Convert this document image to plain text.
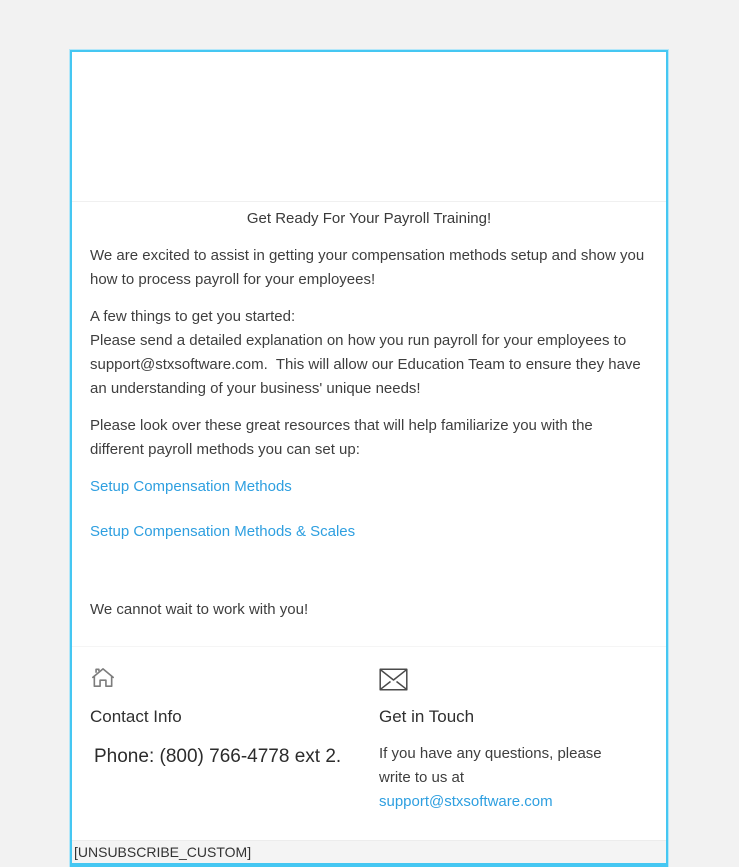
Get Ready For Your Payroll Training!

We are excited to assist in getting your compensation methods setup and show you how to process payroll for your employees!

A few things to get you started:
Please send a detailed explanation on how you run payroll for your employees to support@stxsoftware.com.  This will allow our Education Team to ensure they have an understanding of your business' unique needs!

Please look over these great resources that will help familiarize you with the different payroll methods you can set up:

Setup Compensation Methods

Setup Compensation Methods & Scales

We cannot wait to work with you!

Contact Info

Phone: (800) 766-4778 ext 2.

Get in Touch

If you have any questions, please write to us at support@stxsoftware.com

[UNSUBSCRIBE_CUSTOM]
